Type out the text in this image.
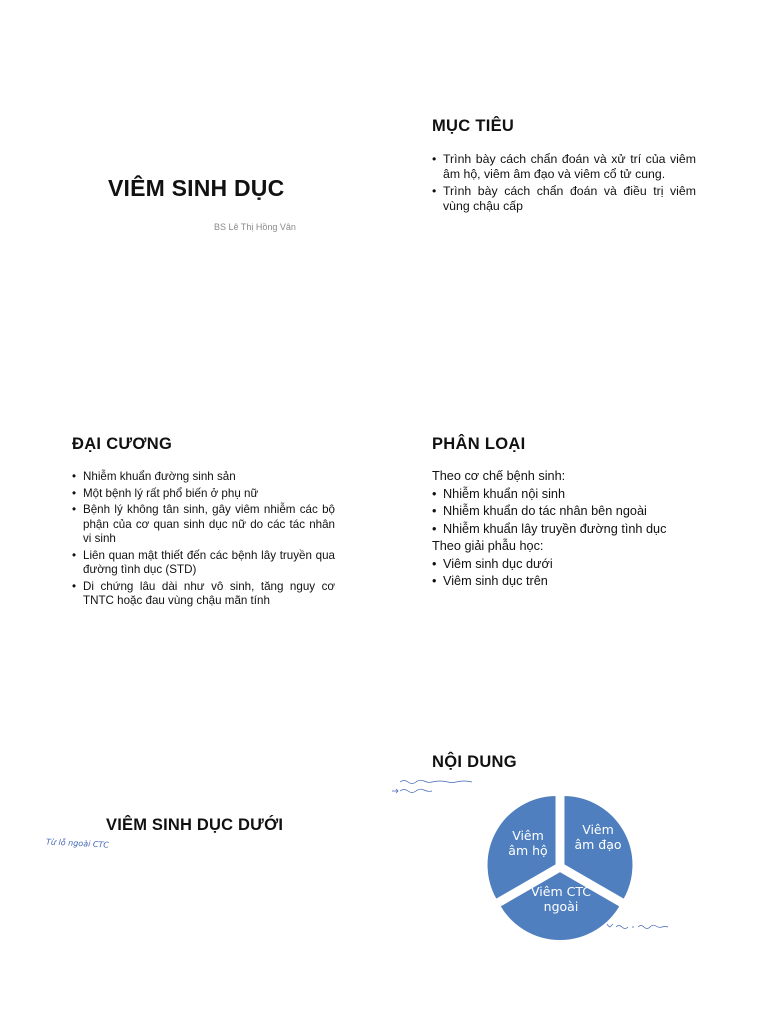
VIÊM SINH DỤC
BS Lê Thị Hồng Vân
MỤC TIÊU
• Trình bày cách chẩn đoán và xử trí của viêm âm hộ, viêm âm đạo và viêm cổ tử cung.
• Trình bày cách chẩn đoán và điều trị viêm vùng chậu cấp
ĐẠI CƯƠNG
• Nhiễm khuẩn đường sinh sản
• Một bệnh lý rất phổ biến ở phụ nữ
• Bệnh lý không tân sinh, gây viêm nhiễm các bộ phận của cơ quan sinh dục nữ do các tác nhân vi sinh
• Liên quan mật thiết đến các bệnh lây truyền qua đường tình dục (STD)
• Di chứng lâu dài như vô sinh, tăng nguy cơ TNTC hoặc đau vùng chậu mãn tính
PHÂN LOẠI
Theo cơ chế bệnh sinh:
• Nhiễm khuẩn nội sinh
• Nhiễm khuẩn do tác nhân bên ngoài
• Nhiễm khuẩn lây truyền đường tình dục
Theo giải phẫu học:
• Viêm sinh dục dưới
• Viêm sinh dục trên
VIÊM SINH DỤC DƯỚI
Từ lỗ ngoài CTC
NỘI DUNG
Viêm
âm hộ
Viêm
âm đạo
Viêm CTC
ngoài
